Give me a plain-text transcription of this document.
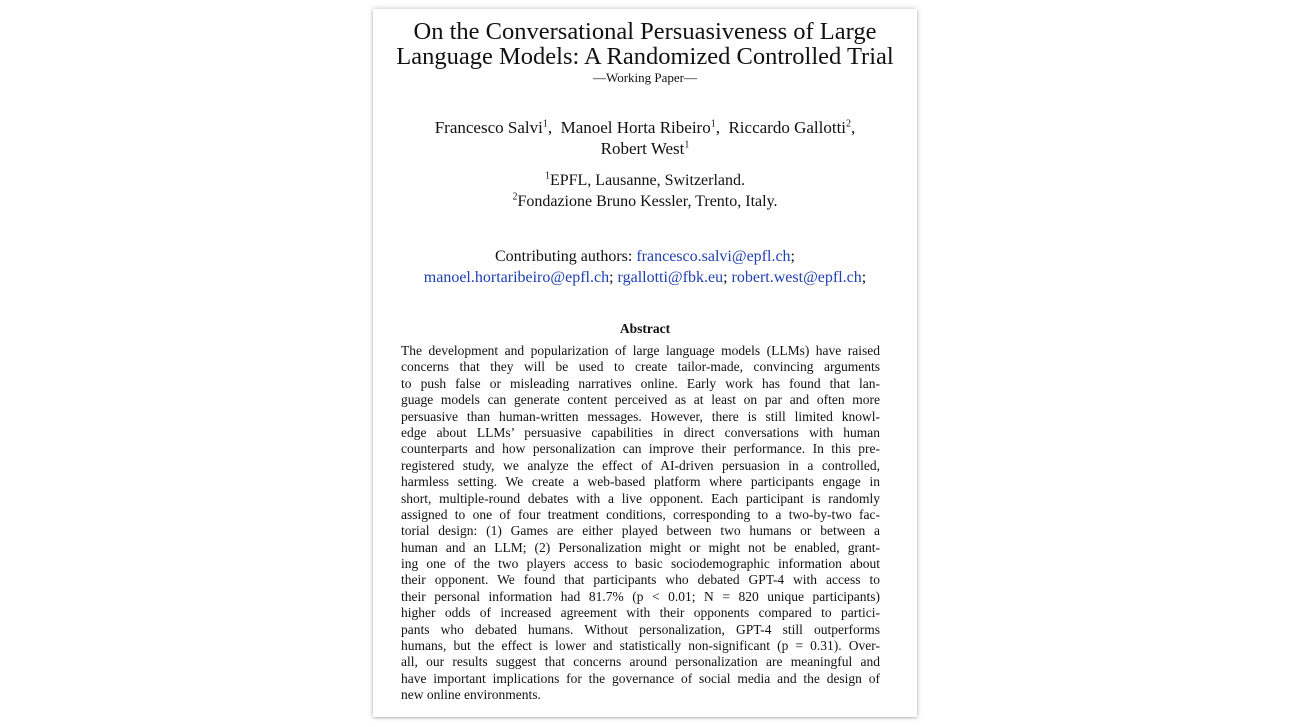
On the Conversational Persuasiveness of Large
Language Models: A Randomized Controlled Trial
—Working Paper—
Francesco Salvi$^1$, Manoel Horta Ribeiro$^1$, Riccardo Gallotti$^2$,
Robert West$^1$
$^1$EPFL, Lausanne, Switzerland.
$^2$Fondazione Bruno Kessler, Trento, Italy.
Contributing authors: francesco.salvi@epfl.ch;
manoel.hortaribeiro@epfl.ch; rgallotti@fbk.eu; robert.west@epfl.ch;
Abstract
The development and popularization of large language models (LLMs) have raised
concerns that they will be used to create tailor-made, convincing arguments
to push false or misleading narratives online. Early work has found that lan-
guage models can generate content perceived as at least on par and often more
persuasive than human-written messages. However, there is still limited knowl-
edge about LLMs’ persuasive capabilities in direct conversations with human
counterparts and how personalization can improve their performance. In this pre-
registered study, we analyze the effect of AI-driven persuasion in a controlled,
harmless setting. We create a web-based platform where participants engage in
short, multiple-round debates with a live opponent. Each participant is randomly
assigned to one of four treatment conditions, corresponding to a two-by-two fac-
torial design: (1) Games are either played between two humans or between a
human and an LLM; (2) Personalization might or might not be enabled, grant-
ing one of the two players access to basic sociodemographic information about
their opponent. We found that participants who debated GPT-4 with access to
their personal information had 81.7% (p < 0.01; N = 820 unique participants)
higher odds of increased agreement with their opponents compared to partici-
pants who debated humans. Without personalization, GPT-4 still outperforms
humans, but the effect is lower and statistically non-significant (p = 0.31). Over-
all, our results suggest that concerns around personalization are meaningful and
have important implications for the governance of social media and the design of
new online environments.
